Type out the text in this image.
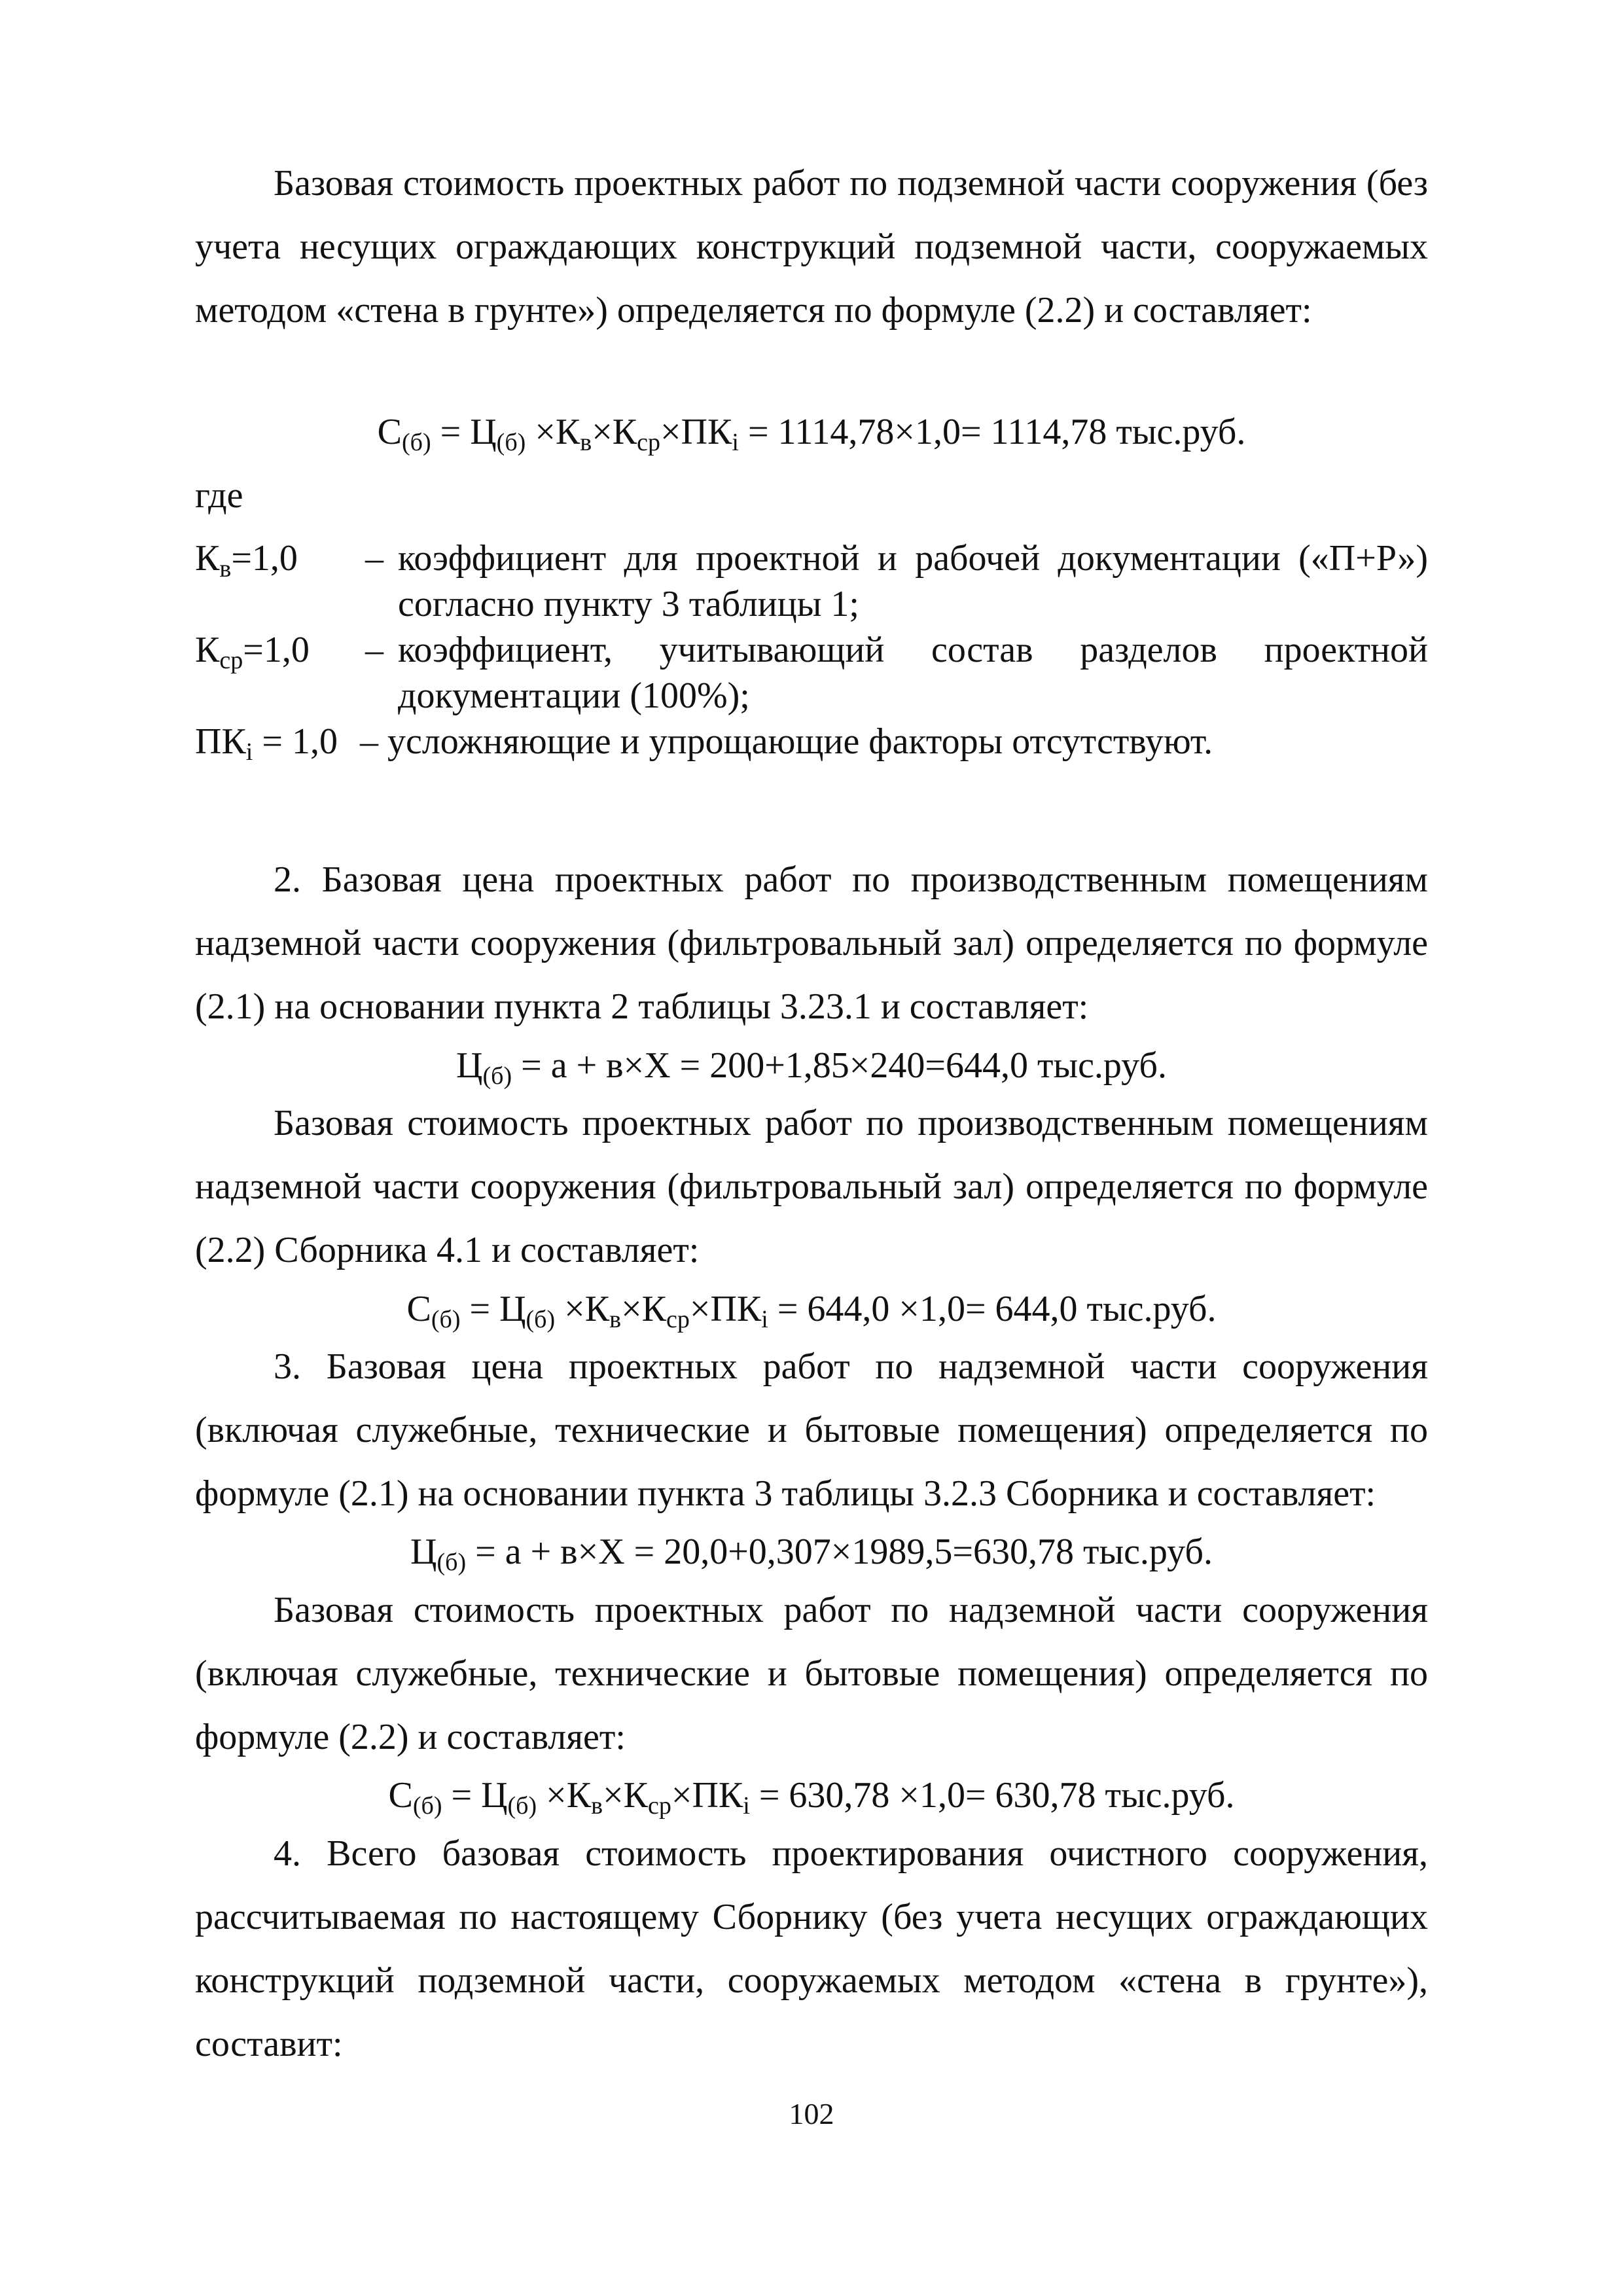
Базовая стоимость проектных работ по подземной части сооружения (без учета несущих ограждающих конструкций подземной части, сооружаемых методом «стена в грунте») определяется по формуле (2.2) и составляет:
$С_{(б)} = Ц_{(б)} \times К_в\times К_{ср}\times ПК_i = 1114,78\times 1,0= 1114,78$ тыс.руб.
где
$К_в=1,0$ – коэффициент для проектной и рабочей документации («П+Р») согласно пункту 3 таблицы 1;
$К_{ср}=1,0$ – коэффициент, учитывающий состав разделов проектной документации (100%);
$ПК_i = 1,0$ – усложняющие и упрощающие факторы отсутствуют.
2. Базовая цена проектных работ по производственным помещениям надземной части сооружения (фильтровальный зал) определяется по формуле (2.1) на основании пункта 2 таблицы 3.23.1 и составляет:
$Ц_{(б)} = а + в\times Х = 200+1,85\times 240=644,0$ тыс.руб.
Базовая стоимость проектных работ по производственным помещениям надземной части сооружения (фильтровальный зал) определяется по формуле (2.2) Сборника 4.1 и составляет:
$С_{(б)} = Ц_{(б)} \times К_в\times К_{ср}\times ПК_i = 644,0 \times 1,0= 644,0$ тыс.руб.
3. Базовая цена проектных работ по надземной части сооружения (включая служебные, технические и бытовые помещения) определяется по формуле (2.1) на основании пункта 3 таблицы 3.2.3 Сборника и составляет:
$Ц_{(б)} = а + в\times Х = 20,0+0,307\times 1989,5=630,78$ тыс.руб.
Базовая стоимость проектных работ по надземной части сооружения (включая служебные, технические и бытовые помещения) определяется по формуле (2.2) и составляет:
$С_{(б)} = Ц_{(б)} \times К_в\times К_{ср}\times ПК_i = 630,78 \times 1,0= 630,78$ тыс.руб.
4. Всего базовая стоимость проектирования очистного сооружения, рассчитываемая по настоящему Сборнику (без учета несущих ограждающих конструкций подземной части, сооружаемых методом «стена в грунте»), составит:
102
